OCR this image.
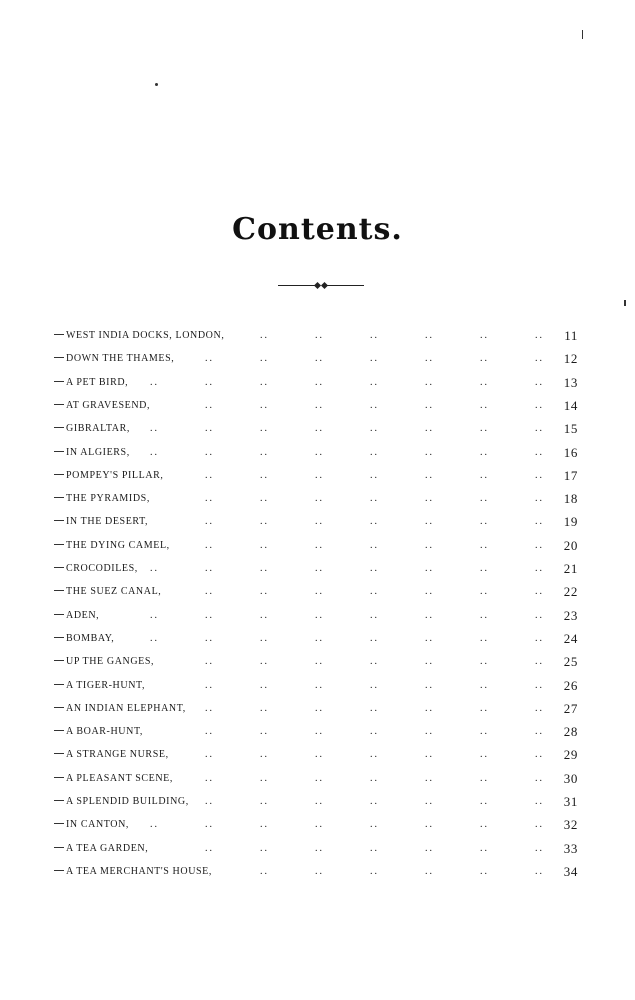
Contents.
WEST INDIA DOCKS, LONDON,	..	..	..	..	..	..	11
DOWN THE THAMES,	..	..	..	..	..	..	..	12
A PET BIRD, ..	..	..	..	..	..	..	..	13
AT GRAVESEND,	..	..	..	..	..	..	..	14
GIBRALTAR, ..	..	..	..	..	..	..	..	15
IN ALGIERS, ..	..	..	..	..	..	..	..	16
POMPEY'S PILLAR,	..	..	..	..	..	..	..	17
THE PYRAMIDS,	..	..	..	..	..	..	..	18
IN THE DESERT,	..	..	..	..	..	..	..	19
THE DYING CAMEL,	..	..	..	..	..	..	..	20
CROCODILES, ..	..	..	..	..	..	..	..	21
THE SUEZ CANAL,	..	..	..	..	..	..	..	22
ADEN,	..	..	..	..	..	..	..	..	23
BOMBAY,	..	..	..	..	..	..	..	..	24
UP THE GANGES,	..	..	..	..	..	..	..	25
A TIGER-HUNT,	..	..	..	..	..	..	..	26
AN INDIAN ELEPHANT, ..	..	..	..	..	..	..	27
A BOAR-HUNT,	..	..	..	..	..	..	..	28
A STRANGE NURSE,	..	..	..	..	..	..	..	29
A PLEASANT SCENE,	..	..	..	..	..	..	..	30
A SPLENDID BUILDING, ..	..	..	..	..	..	..	31
IN CANTON, ..	..	..	..	..	..	..	..	32
A TEA GARDEN,	..	..	..	..	..	..	..	33
A TEA MERCHANT'S HOUSE,	..	..	..	..	..	..	34
